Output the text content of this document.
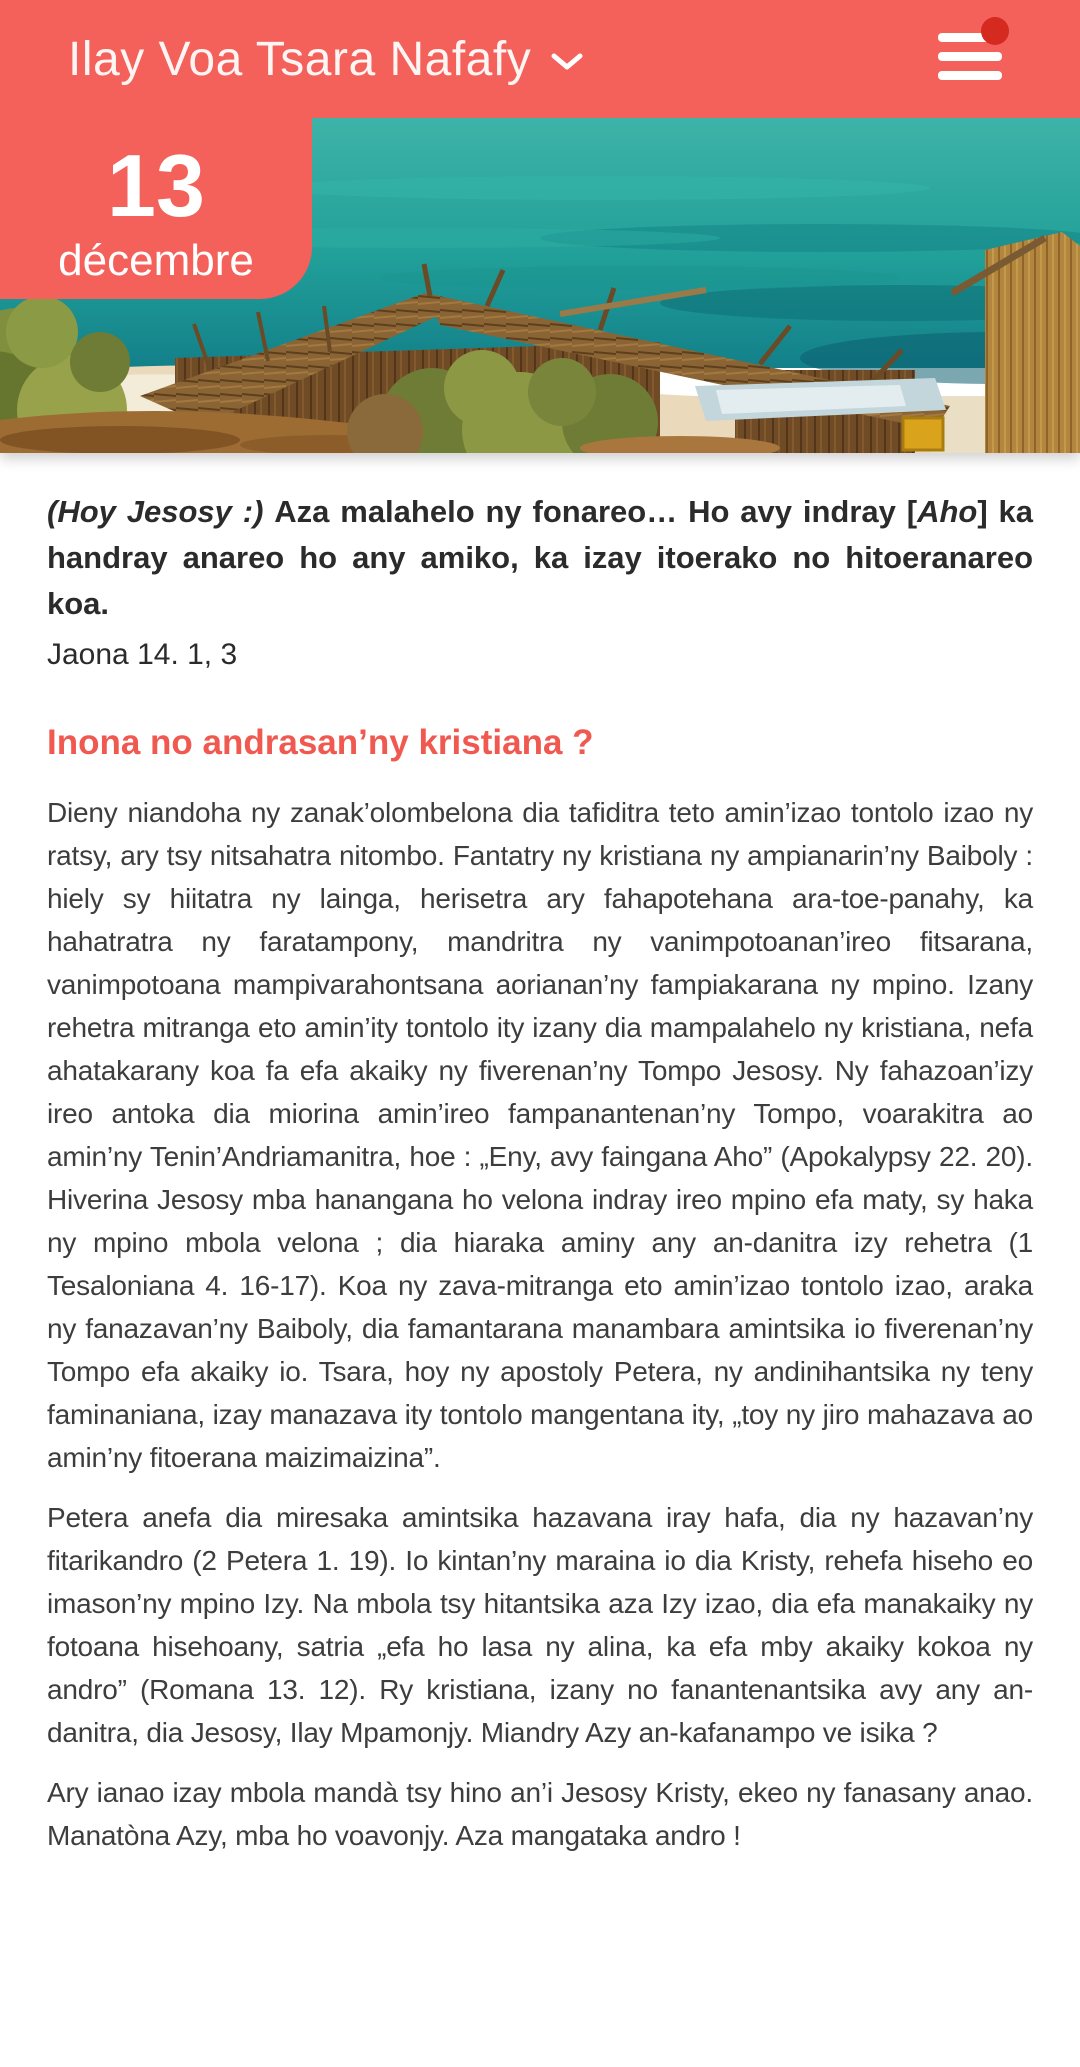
Ilay Voa Tsara Nafafy
13
décembre

(Hoy Jesosy :) Aza malahelo ny fonareo… Ho avy indray [Aho] ka handray anareo ho any amiko, ka izay itoerako no hitoeranareo koa.

Jaona 14. 1, 3

Inona no andrasan’ny kristiana ?

Dieny niandoha ny zanak’olombelona dia tafiditra teto amin’izao tontolo izao ny ratsy, ary tsy nitsahatra nitombo. Fantatry ny kristiana ny ampianarin’ny Baiboly : hiely sy hiitatra ny lainga, herisetra ary fahapotehana ara-toe-panahy, ka hahatratra ny faratampony, mandritra ny vanimpotoanan’ireo fitsarana, vanimpotoana mampivarahontsana aorianan’ny fampiakarana ny mpino. Izany rehetra mitranga eto amin’ity tontolo ity izany dia mampalahelo ny kristiana, nefa ahatakarany koa fa efa akaiky ny fiverenan’ny Tompo Jesosy. Ny fahazoan’izy ireo antoka dia miorina amin’ireo fampanantenan’ny Tompo, voarakitra ao amin’ny Tenin’Andriamanitra, hoe : „Eny, avy faingana Aho” (Apokalypsy 22. 20). Hiverina Jesosy mba hanangana ho velona indray ireo mpino efa maty, sy haka ny mpino mbola velona ; dia hiaraka aminy any an-danitra izy rehetra (1 Tesaloniana 4. 16-17). Koa ny zava-mitranga eto amin’izao tontolo izao, araka ny fanazavan’ny Baiboly, dia famantarana manambara amintsika io fiverenan’ny Tompo efa akaiky io. Tsara, hoy ny apostoly Petera, ny andinihantsika ny teny faminaniana, izay manazava ity tontolo mangentana ity, „toy ny jiro mahazava ao amin’ny fitoerana maizimaizina”.

Petera anefa dia miresaka amintsika hazavana iray hafa, dia ny hazavan’ny fitarikandro (2 Petera 1. 19). Io kintan’ny maraina io dia Kristy, rehefa hiseho eo imason’ny mpino Izy. Na mbola tsy hitantsika aza Izy izao, dia efa manakaiky ny fotoana hisehoany, satria „efa ho lasa ny alina, ka efa mby akaiky kokoa ny andro” (Romana 13. 12). Ry kristiana, izany no fanantenantsika avy any an-danitra, dia Jesosy, Ilay Mpamonjy. Miandry Azy an-kafanampo ve isika ?

Ary ianao izay mbola mandà tsy hino an’i Jesosy Kristy, ekeo ny fanasany anao. Manatòna Azy, mba ho voavonjy. Aza mangataka andro !
